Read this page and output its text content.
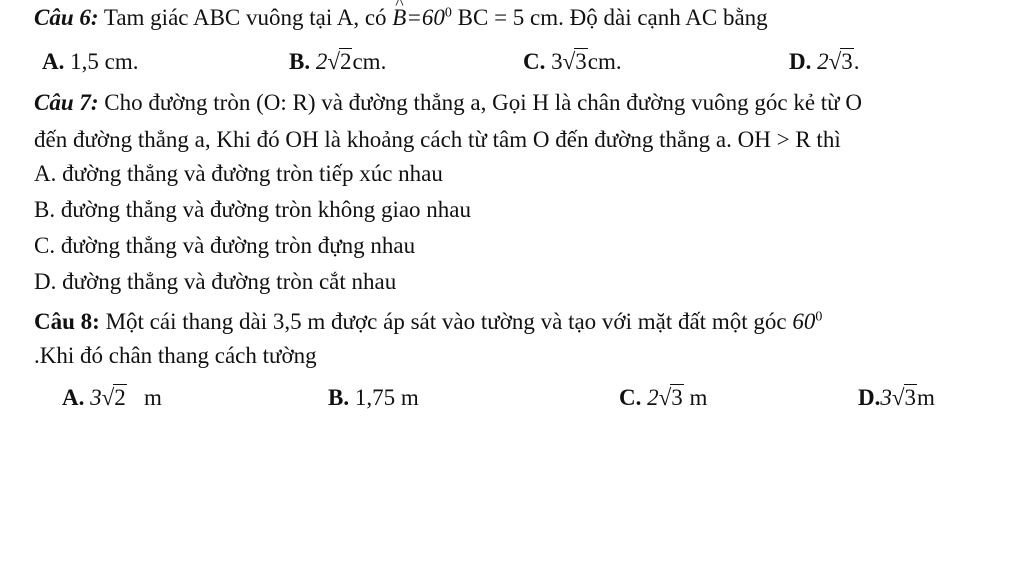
Câu 6: Tam giác ABC vuông tại A, có ^ $B=60^0$ BC = 5 cm. Độ dài cạnh AC bằng
A. 1,5 cm.	B. 2√2cm.	C. 3√3cm.	D. 2√3.
Câu 7: Cho đường tròn (O: R) và đường thẳng a, Gọi H là chân đường vuông góc kẻ từ O
đến đường thẳng a, Khi đó OH là khoảng cách từ tâm O đến đường thẳng a. OH > R thì
A. đường thẳng và đường tròn tiếp xúc nhau
B. đường thẳng và đường tròn không giao nhau
C. đường thẳng và đường tròn đựng nhau
D. đường thẳng và đường tròn cắt nhau
Câu 8: Một cái thang dài 3,5 m được áp sát vào tường và tạo với mặt đất một góc $60^0$
.Khi đó chân thang cách tường
A. 3√2 m	B. 1,75 m	C. 2√3 m	D.3√3m
